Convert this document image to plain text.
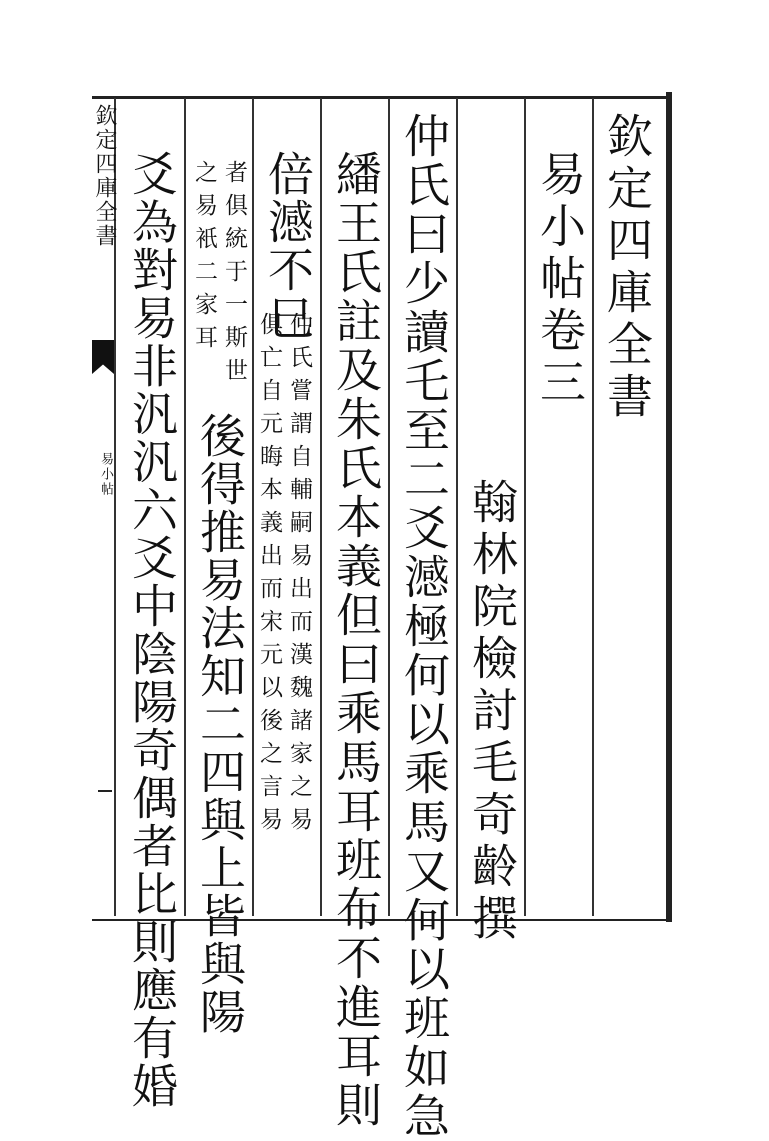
欽定四庫全書
易小帖
欽定四庫全書
易小帖卷三
翰林院檢討毛奇齡撰
仲氏曰少讀乇至二爻澸極何以乘馬又何以班如急
繙王氏註及朱氏本義但曰乘馬耳班布不進耳則
倍澸不巳
仲氏嘗謂自輔嗣易出而漢魏諸家之易
俱亡自元晦本義出而宋元以後之言易
者俱統于一斯世
之易衹二家耳
後得推易法知二四與上皆與陽
爻為對易非汎汎六爻中陰陽奇偶者比則應有婚
